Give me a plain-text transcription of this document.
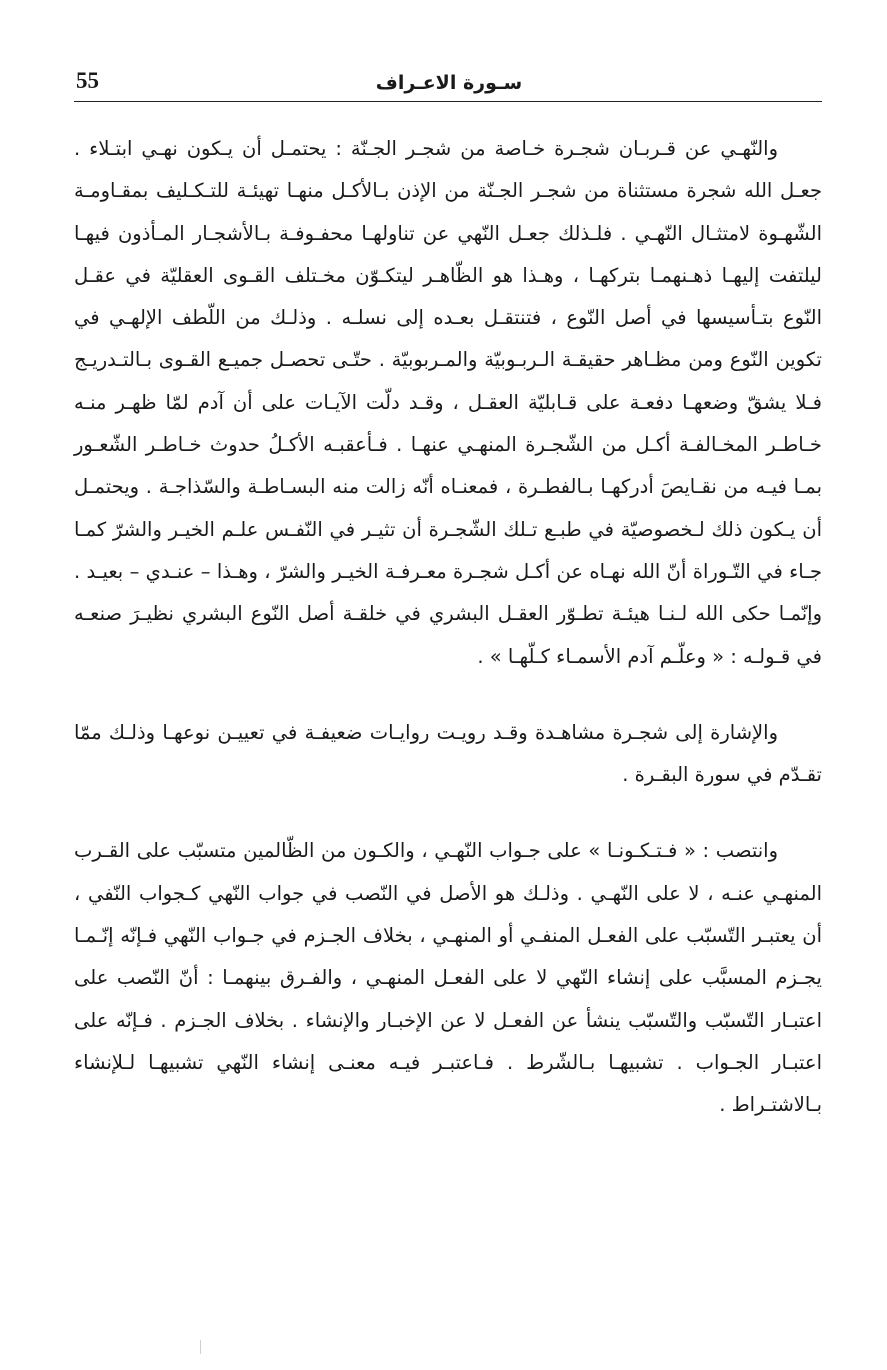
55	سـورة الاعـراف

والنّهـي عن قـربـان شجـرة خـاصة من شجـر الجـنّة : يحتمـل أن يـكون نهـي ابتـلاء . جعـل الله شجرة مستثناة من شجـر الجـنّة من الإذن بـالأكـل منهـا تهيئـة للتـكـليف بمقـاومـة الشّهـوة لامتثـال النّهـي . فلـذلك جعـل النّهي عن تناولهـا محفـوفـة بـالأشجـار المـأذون فيهـا ليلتفت إليهـا ذهـنهمـا بتركهـا ، وهـذا هو الظّاهـر ليتكـوّن مخـتلف القـوى العقليّة في عقـل النّوع بتـأسيسها في أصل النّوع ، فتنتقـل بعـده إلى نسلـه . وذلـك من اللّطف الإلهـي في تكوين النّوع ومن مظـاهر حقيقـة الـربـوبيّة والمـربوبيّة . حتّـى تحصـل جميـع القـوى بـالتـدريـج فـلا يشقّ وضعهـا دفعـة على قـابليّة العقـل ، وقـد دلّت الآيـات على أن آدم لمّا ظهـر منـه خـاطـر المخـالفـة أكـل من الشّجـرة المنهـي عنهـا . فـأعقبـه الأكـلُ حدوث خـاطـر الشّعـور بمـا فيـه من نقـايصَ أدركهـا بـالفطـرة ، فمعنـاه أنّه زالت منه البسـاطـة والسّذاجـة . ويحتمـل أن يـكون ذلك لـخصوصيّة في طبـع تـلك الشّجـرة أن تثيـر في النّفـس علـم الخيـر والشرّ كمـا جـاء في التّـوراة أنّ الله نهـاه عن أكـل شجـرة معـرفـة الخيـر والشرّ ، وهـذا – عنـدي – بعيـد . وإنّمـا حكى الله لـنـا هيئـة تطـوّر العقـل البشري في خلقـة أصل النّوع البشري نظيـرَ صنعـه في قـولـه : « وعلّـم آدم الأسمـاء كـلّهـا » .

والإشارة إلى شجـرة مشاهـدة وقـد رويـت روايـات ضعيفـة في تعييـن نوعهـا وذلـك ممّا تقـدّم في سورة البقـرة .

وانتصب : « فـتـكـونـا » على جـواب النّهـي ، والكـون من الظّالمين متسبّب على القـرب المنهـي عنـه ، لا على النّهـي . وذلـك هو الأصل في النّصب في جواب النّهي كـجواب النّفي ، أن يعتبـر التّسبّب على الفعـل المنفـي أو المنهـي ، بخلاف الجـزم في جـواب النّهي فـإنّه إنّـمـا يجـزم المسبَّب على إنشاء النّهي لا على الفعـل المنهـي ، والفـرق بينهمـا : أنّ النّصب على اعتبـار التّسبّب والتّسبّب ينشأ عن الفعـل لا عن الإخبـار والإنشاء . بخلاف الجـزم . فـإنّه على اعتبـار الجـواب . تشبيهـا بـالشّرط . فـاعتبـر فيـه معنـى إنشاء النّهي تشبيهـا لـلإنشاء بـالاشتـراط .
